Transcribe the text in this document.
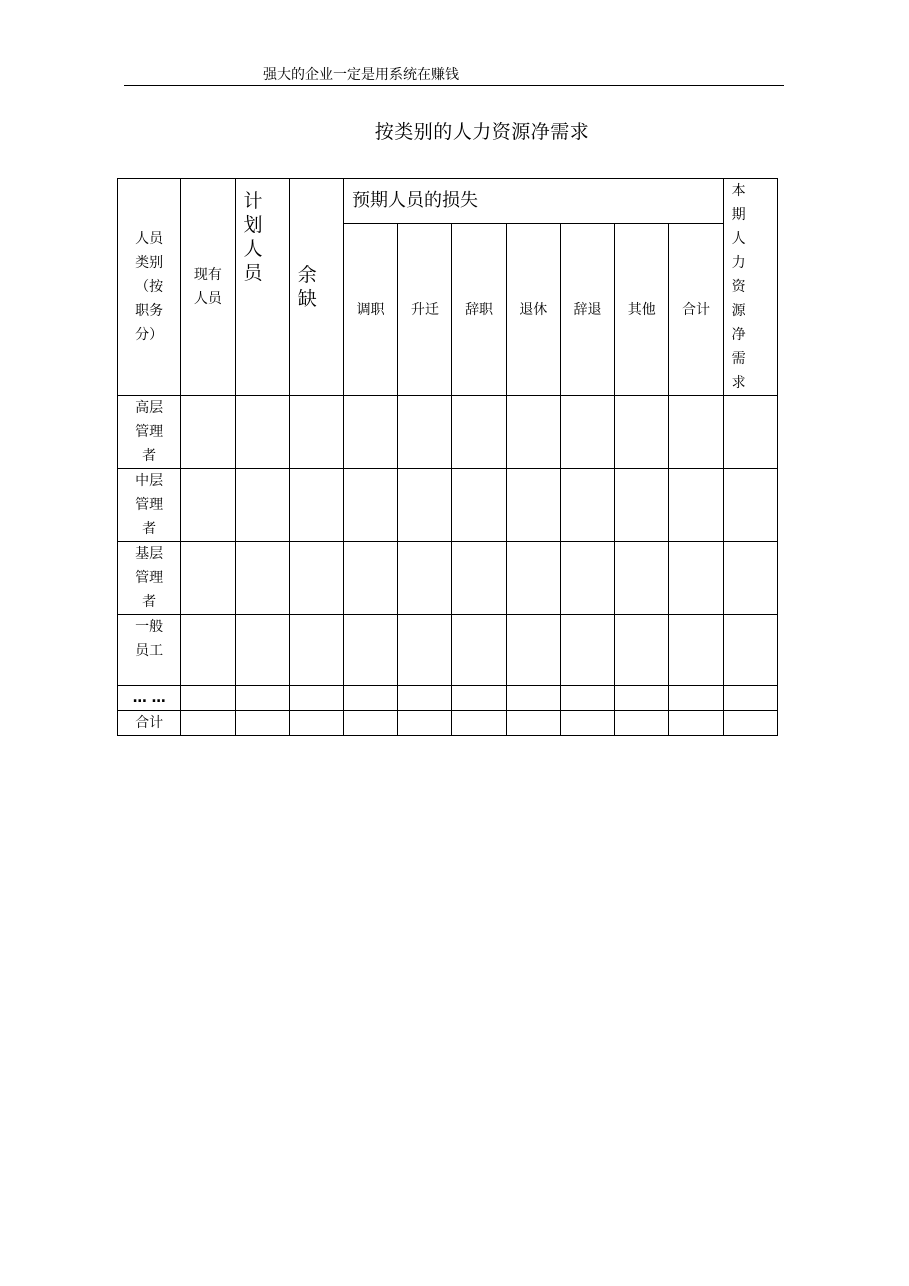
强大的企业一定是用系统在赚钱
按类别的人力资源净需求
人员类别（按职务分）	现有人员	计划人员	余缺	预期人员的损失							本期人力资源净需求
				调职	升迁	辞职	退休	辞退	其他	合计	
高层管理者											
中层管理者											
基层管理者											
一般员工											
… …											
合计											
